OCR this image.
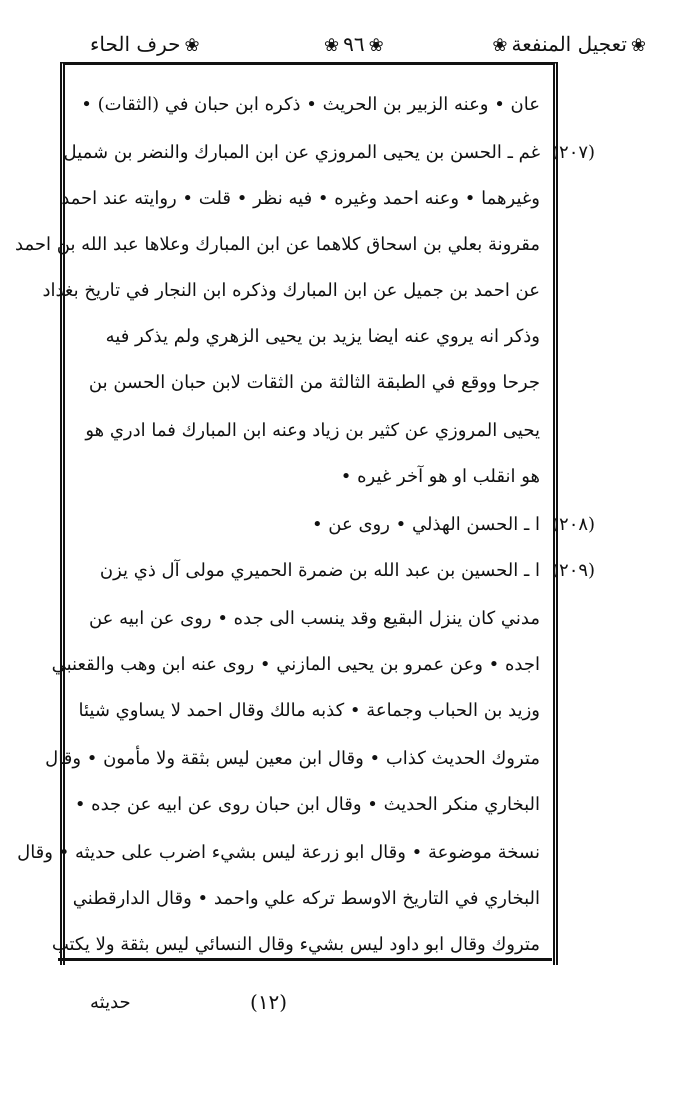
❀تعجيل المنفعة❀
❀٩٦❀
❀حرف الحاء
عان • وعنه الزبير بن الحريث • ذكره ابن حبان في (الثقات) •
غم ـ الحسن بن يحيى المروزي عن ابن المبارك والنضر بن شميل
وغيرهما • وعنه احمد وغيره • فيه نظر • قلت • روايته عند احمد
مقرونة بعلي بن اسحاق كلاهما عن ابن المبارك وعلاها عبد الله بن احمد
عن احمد بن جميل عن ابن المبارك وذكره ابن النجار في تاريخ بغداد
وذكر انه يروي عنه ايضا يزيد بن يحيى الزهري ولم يذكر فيه
جرحا ووقع في الطبقة الثالثة من الثقات لابن حبان الحسن بن
يحيى المروزي عن كثير بن زياد وعنه ابن المبارك فما ادري هو
هو انقلب او هو آخر غيره •
ا ـ الحسن الهذلي • روى عن •
ا ـ الحسين بن عبد الله بن ضمرة الحميري مولى آل ذي يزن
مدني كان ينزل البقيع وقد ينسب الى جده • روى عن ابيه عن
اجده • وعن عمرو بن يحيى المازني • روى عنه ابن وهب والقعنبي
وزيد بن الحباب وجماعة • كذبه مالك وقال احمد لا يساوي شيئا
متروك الحديث كذاب • وقال ابن معين ليس بثقة ولا مأمون • وقال
البخاري منكر الحديث • وقال ابن حبان روى عن ابيه عن جده •
نسخة موضوعة • وقال ابو زرعة ليس بشيء اضرب على حديثه • وقال
البخاري في التاريخ الاوسط تركه علي واحمد • وقال الدارقطني
متروك وقال ابو داود ليس بشيء وقال النسائي ليس بثقة ولا يكتب
(٢٠٧)
(٢٠٨)
(٢٠٩)
(١٢)
حديثه
